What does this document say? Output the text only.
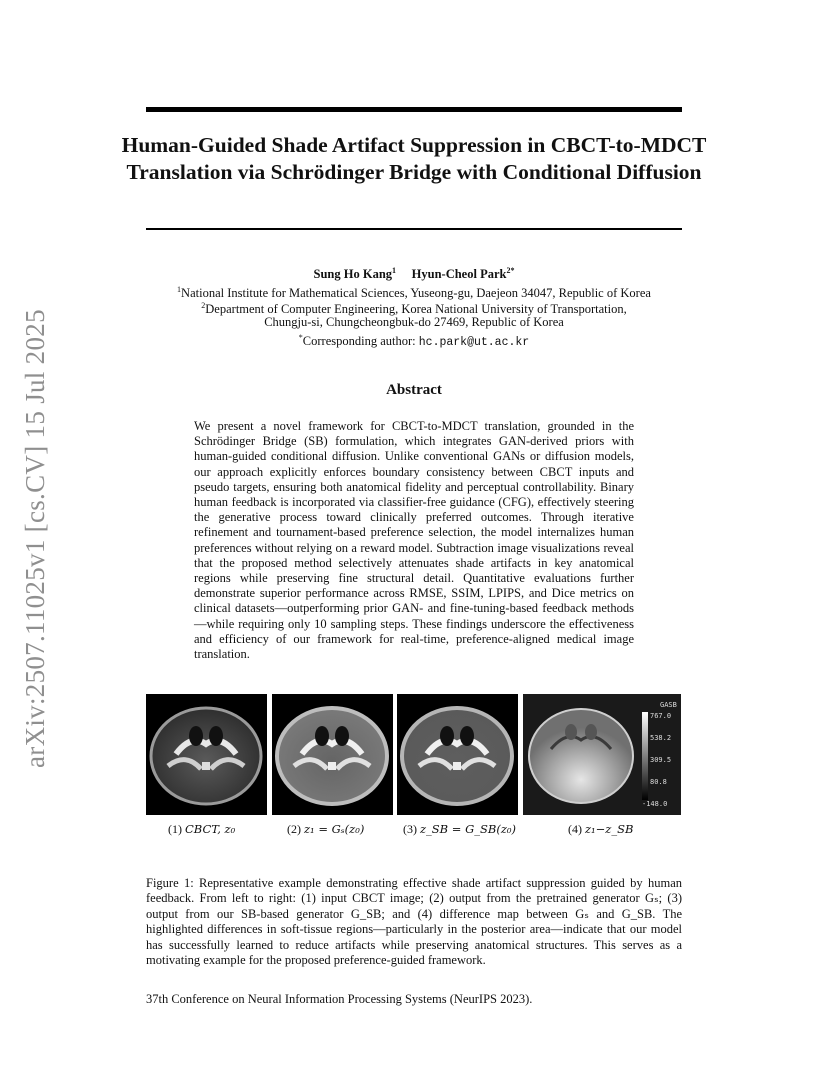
arXiv:2507.11025v1 [cs.CV] 15 Jul 2025
Human-Guided Shade Artifact Suppression in CBCT-to-MDCT Translation via Schrödinger Bridge with Conditional Diffusion
Sung Ho Kang$^1$ Hyun-Cheol Park$^{2*}$
$^1$National Institute for Mathematical Sciences, Yuseong-gu, Daejeon 34047, Republic of Korea
$^2$Department of Computer Engineering, Korea National University of Transportation,
Chungju-si, Chungcheongbuk-do 27469, Republic of Korea
*Corresponding author: hc.park@ut.ac.kr
Abstract
We present a novel framework for CBCT-to-MDCT translation, grounded in the Schrödinger Bridge (SB) formulation, which integrates GAN-derived priors with human-guided conditional diffusion. Unlike conventional GANs or diffusion models, our approach explicitly enforces boundary consistency between CBCT inputs and pseudo targets, ensuring both anatomical fidelity and perceptual controllability. Binary human feedback is incorporated via classifier-free guidance (CFG), effectively steering the generative process toward clinically preferred outcomes. Through iterative refinement and tournament-based preference selection, the model internalizes human preferences without relying on a reward model. Subtraction image visualizations reveal that the proposed method selectively attenuates shade artifacts in key anatomical regions while preserving fine structural detail. Quantitative evaluations further demonstrate superior performance across RMSE, SSIM, LPIPS, and Dice metrics on clinical datasets—outperforming prior GAN- and fine-tuning-based feedback methods—while requiring only 10 sampling steps. These findings underscore the effectiveness and efficiency of our framework for real-time, preference-aligned medical image translation.
GASB
767.0
538.2
309.5
80.8
-148.0
(1) CBCT, z₀	(2) z₁ = Gₛ(z₀)	(3) z_SB = G_SB(z₀)	(4) z₁−z_SB
Figure 1: Representative example demonstrating effective shade artifact suppression guided by human feedback. From left to right: (1) input CBCT image; (2) output from the pretrained generator Gₛ; (3) output from our SB-based generator G_SB; and (4) difference map between Gₛ and G_SB. The highlighted differences in soft-tissue regions—particularly in the posterior area—indicate that our model has successfully learned to reduce artifacts while preserving anatomical structures. This serves as a motivating example for the proposed preference-guided framework.
37th Conference on Neural Information Processing Systems (NeurIPS 2023).
